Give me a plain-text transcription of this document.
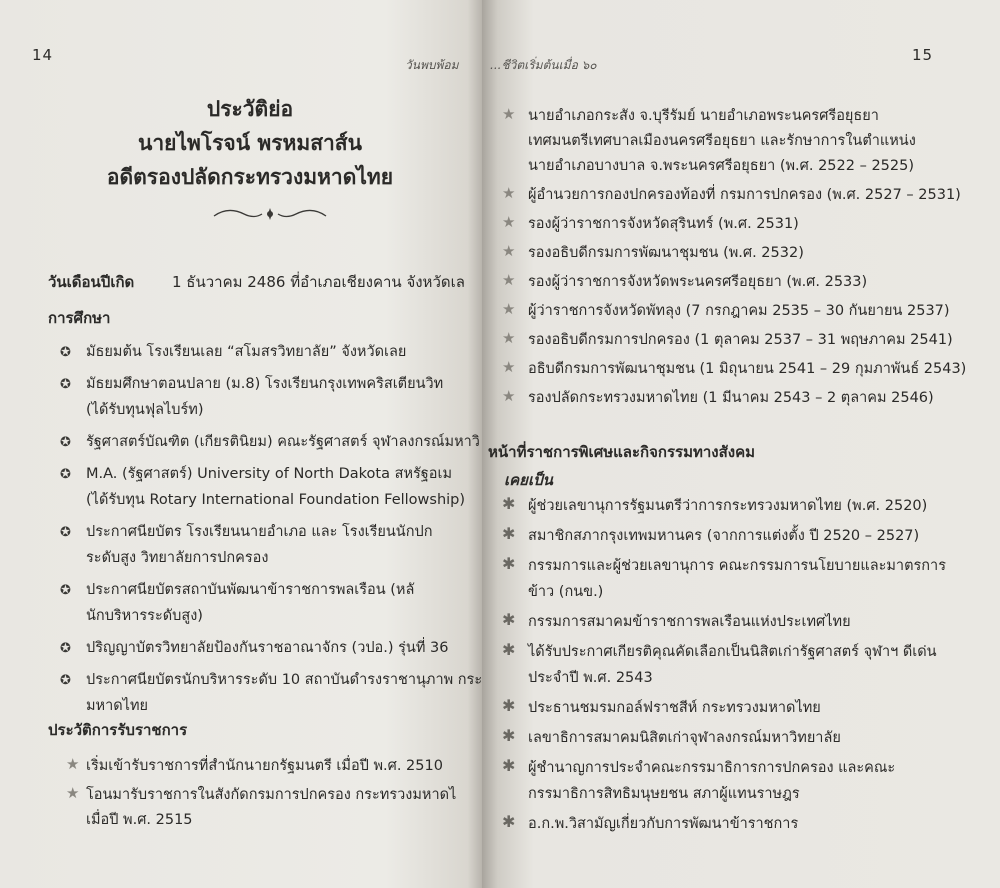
14
วันพบพ้อม
ประวัติย่อ
นายไพโรจน์ พรหมสาส์น
อดีตรองปลัดกระทรวงมหาดไทย
วันเดือนปีเกิด	1 ธันวาคม 2486 ที่อำเภอเชียงคาน จังหวัดเล
การศึกษา
✪ มัธยมต้น โรงเรียนเลย “สโมสรวิทยาลัย” จังหวัดเลย
✪ มัธยมศึกษาตอนปลาย (ม.8) โรงเรียนกรุงเทพคริสเตียนวิท
(ได้รับทุนฟุลไบร์ท)
✪ รัฐศาสตร์บัณฑิต (เกียรตินิยม) คณะรัฐศาสตร์ จุฬาลงกรณ์มหาวิ
✪ M.A. (รัฐศาสตร์) University of North Dakota สหรัฐอเม
(ได้รับทุน Rotary International Foundation Fellowship)
✪ ประกาศนียบัตร โรงเรียนนายอำเภอ และ โรงเรียนนักปก
ระดับสูง วิทยาลัยการปกครอง
✪ ประกาศนียบัตรสถาบันพัฒนาข้าราชการพลเรือน (หลั
นักบริหารระดับสูง)
✪ ปริญญาบัตรวิทยาลัยป้องกันราชอาณาจักร (วปอ.) รุ่นที่ 36
✪ ประกาศนียบัตรนักบริหารระดับ 10 สถาบันดำรงราชานุภาพ กระ
มหาดไทย
ประวัติการรับราชการ
★ เริ่มเข้ารับราชการที่สำนักนายกรัฐมนตรี เมื่อปี พ.ศ. 2510
★ โอนมารับราชการในสังกัดกรมการปกครอง กระทรวงมหาดไ
เมื่อปี พ.ศ. 2515
...ชีวิตเริ่มต้นเมื่อ ๖๐
15
★ นายอำเภอกระสัง จ.บุรีรัมย์ นายอำเภอพระนครศรีอยุธยา
เทศมนตรีเทศบาลเมืองนครศรีอยุธยา และรักษาการในตำแหน่ง
นายอำเภอบางบาล จ.พระนครศรีอยุธยา (พ.ศ. 2522 – 2525)
★ ผู้อำนวยการกองปกครองท้องที่ กรมการปกครอง (พ.ศ. 2527 – 2531)
★ รองผู้ว่าราชการจังหวัดสุรินทร์ (พ.ศ. 2531)
★ รองอธิบดีกรมการพัฒนาชุมชน (พ.ศ. 2532)
★ รองผู้ว่าราชการจังหวัดพระนครศรีอยุธยา (พ.ศ. 2533)
★ ผู้ว่าราชการจังหวัดพัทลุง (7 กรกฎาคม 2535 – 30 กันยายน 2537)
★ รองอธิบดีกรมการปกครอง (1 ตุลาคม 2537 – 31 พฤษภาคม 2541)
★ อธิบดีกรมการพัฒนาชุมชน (1 มิถุนายน 2541 – 29 กุมภาพันธ์ 2543)
★ รองปลัดกระทรวงมหาดไทย (1 มีนาคม 2543 – 2 ตุลาคม 2546)
หน้าที่ราชการพิเศษและกิจกรรมทางสังคม
เคยเป็น
✱ ผู้ช่วยเลขานุการรัฐมนตรีว่าการกระทรวงมหาดไทย (พ.ศ. 2520)
✱ สมาชิกสภากรุงเทพมหานคร (จากการแต่งตั้ง ปี 2520 – 2527)
✱ กรรมการและผู้ช่วยเลขานุการ คณะกรรมการนโยบายและมาตรการ
ข้าว (กนข.)
✱ กรรมการสมาคมข้าราชการพลเรือนแห่งประเทศไทย
✱ ได้รับประกาศเกียรติคุณคัดเลือกเป็นนิสิตเก่ารัฐศาสตร์ จุฬาฯ ดีเด่น
ประจำปี พ.ศ. 2543
✱ ประธานชมรมกอล์ฟราชสีห์ กระทรวงมหาดไทย
✱ เลขาธิการสมาคมนิสิตเก่าจุฬาลงกรณ์มหาวิทยาลัย
✱ ผู้ชำนาญการประจำคณะกรรมาธิการการปกครอง และคณะ
กรรมาธิการสิทธิมนุษยชน สภาผู้แทนราษฎร
✱ อ.ก.พ.วิสามัญเกี่ยวกับการพัฒนาข้าราชการ
